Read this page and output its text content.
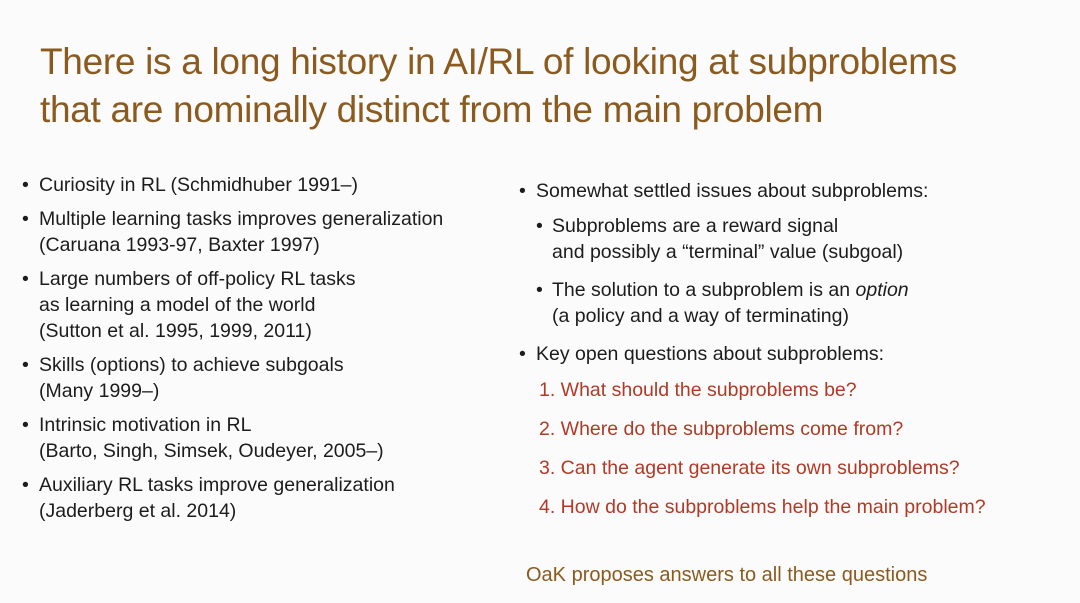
There is a long history in AI/RL of looking at subproblems
that are nominally distinct from the main problem
• Curiosity in RL (Schmidhuber 1991–)
• Multiple learning tasks improves generalization
(Caruana 1993-97, Baxter 1997)
• Large numbers of off-policy RL tasks
as learning a model of the world
(Sutton et al. 1995, 1999, 2011)
• Skills (options) to achieve subgoals
(Many 1999–)
• Intrinsic motivation in RL
(Barto, Singh, Simsek, Oudeyer, 2005–)
• Auxiliary RL tasks improve generalization
(Jaderberg et al. 2014)
• Somewhat settled issues about subproblems:
• Subproblems are a reward signal
and possibly a “terminal” value (subgoal)
• The solution to a subproblem is an option
(a policy and a way of terminating)
• Key open questions about subproblems:
1. What should the subproblems be?
2. Where do the subproblems come from?
3. Can the agent generate its own subproblems?
4. How do the subproblems help the main problem?
OaK proposes answers to all these questions
